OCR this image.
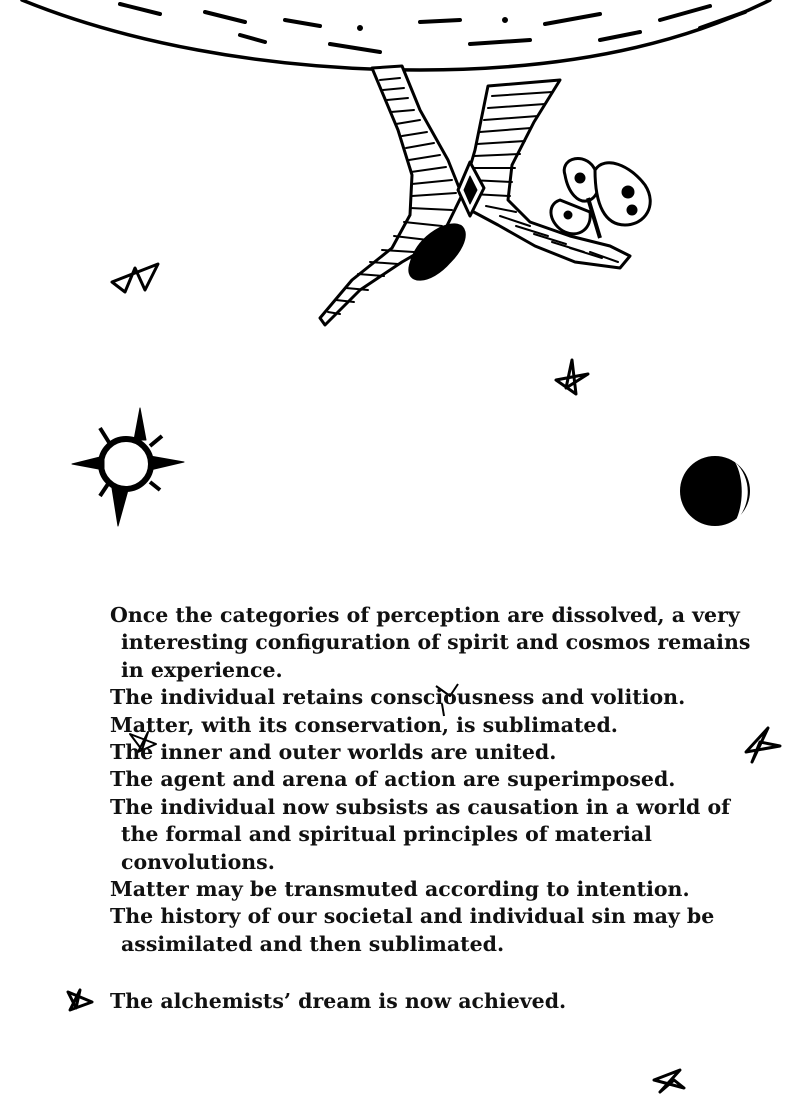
Once the categories of perception are dissolved, a very
interesting configuration of spirit and cosmos remains
in experience.
The individual retains consciousness and volition.
Matter, with its conservation, is sublimated.
The inner and outer worlds are united.
The agent and arena of action are superimposed.
The individual now subsists as causation in a world of
the formal and spiritual principles of material
convolutions.
Matter may be transmuted according to intention.
The history of our societal and individual sin may be
assimilated and then sublimated.
The alchemists’ dream is now achieved.
